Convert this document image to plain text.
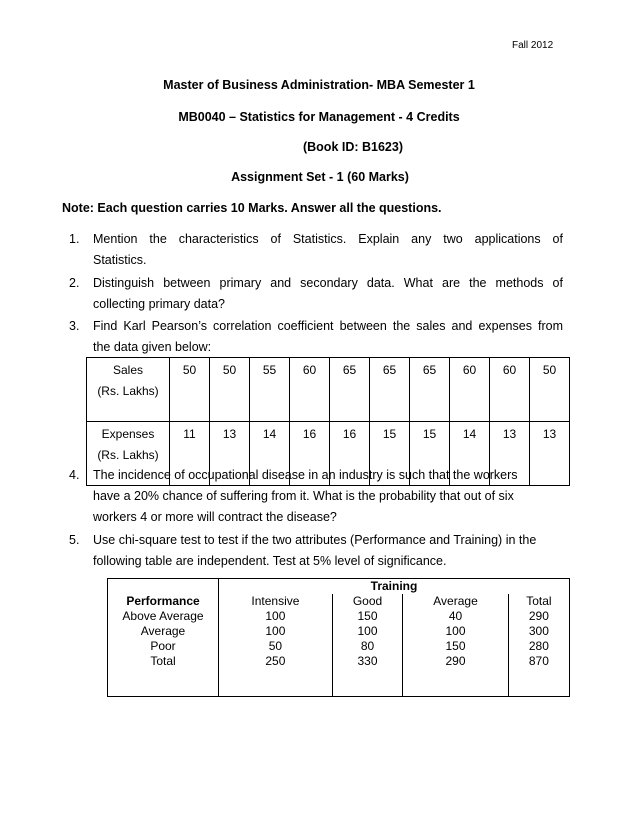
Fall 2012
Master of Business Administration- MBA Semester 1
MB0040 – Statistics for Management - 4 Credits
(Book ID: B1623)
Assignment Set - 1 (60 Marks)
Note: Each question carries 10 Marks. Answer all the questions.
1. Mention the characteristics of Statistics. Explain any two applications of
Statistics.
2. Distinguish between primary and secondary data. What are the methods of
collecting primary data?
3. Find Karl Pearson’s correlation coefficient between the sales and expenses from
the data given below:
Sales
(Rs. Lakhs)	50	50	55	60	65	65	65	60	60	50
Expenses
(Rs. Lakhs)	11	13	14	16	16	15	15	14	13	13
4. The incidence of occupational disease in an industry is such that the workers
have a 20% chance of suffering from it. What is the probability that out of six
workers 4 or more will contract the disease?
5. Use chi-square test to test if the two attributes (Performance and Training) in the
following table are independent. Test at 5% level of significance.
	Training			
Performance	Intensive	Good	Average	Total
Above Average	100	150	40	290
Average	100	100	100	300
Poor	50	80	150	280
Total	250	330	290	870
